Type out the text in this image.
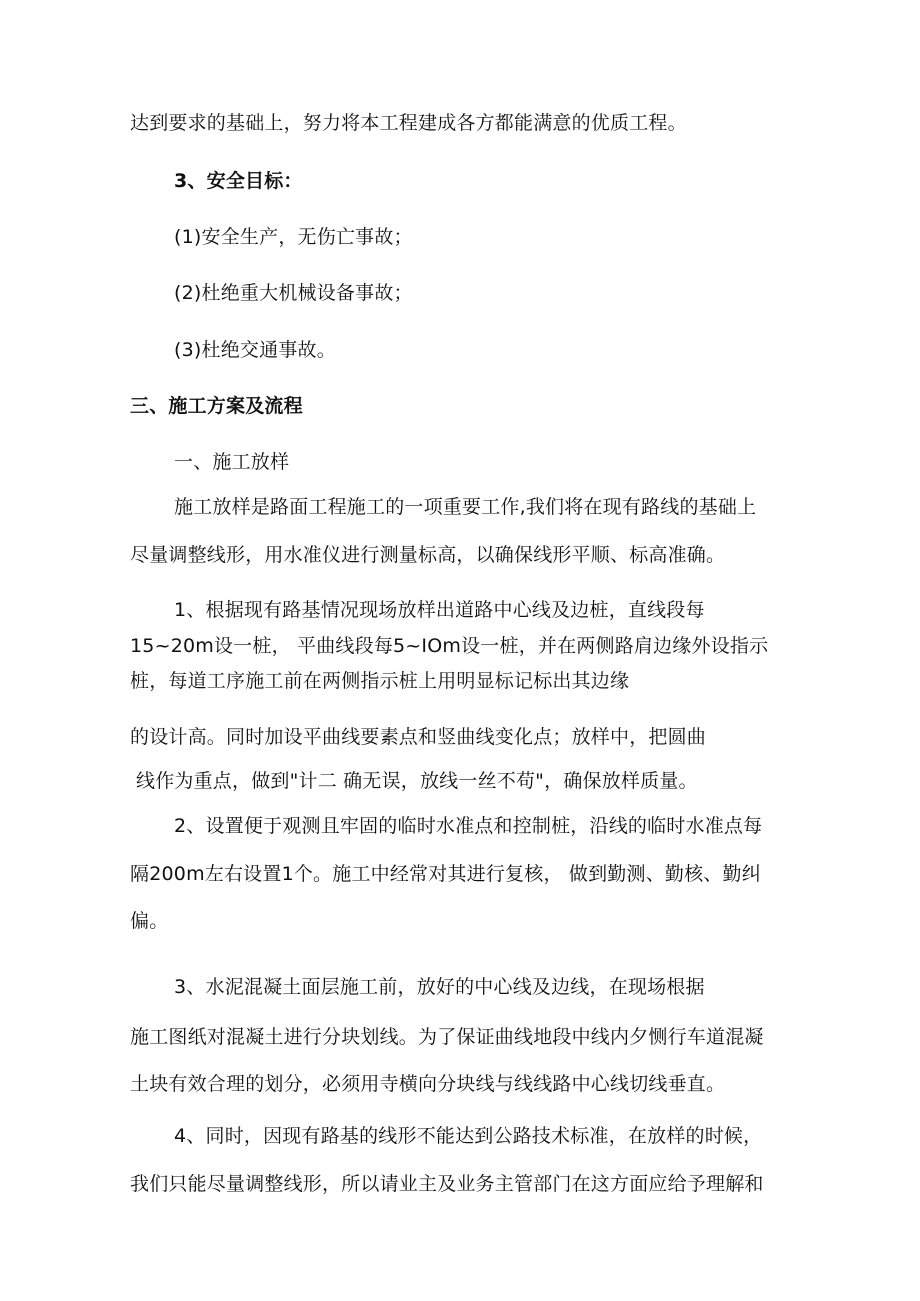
达到要求的基础上，努力将本工程建成各方都能满意的优质工程。
3、安全目标：
(1)安全生产，无伤亡事故；
(2)杜绝重大机械设备事故；
(3)杜绝交通事故。
三、施工方案及流程
一、施工放样
施工放样是路面工程施工的一项重要工作,我们将在现有路线的基础上
尽量调整线形，用水准仪进行测量标高，以确保线形平顺、标高准确。
1、根据现有路基情况现场放样出道路中心线及边桩，直线段每
15~20m设一桩， 平曲线段每5~IOm设一桩，并在两侧路肩边缘外设指示
桩，每道工序施工前在两侧指示桩上用明显标记标出其边缘
的设计高。同时加设平曲线要素点和竖曲线变化点；放样中，把圆曲
线作为重点，做到"计二 确无误，放线一丝不苟"，确保放样质量。
2、设置便于观测且牢固的临时水准点和控制桩，沿线的临时水准点每
隔200m左右设置1个。施工中经常对其进行复核， 做到勤测、勤核、勤纠
偏。
3、水泥混凝土面层施工前，放好的中心线及边线，在现场根据
施工图纸对混凝土进行分块划线。为了保证曲线地段中线内夕恻行车道混凝
土块有效合理的划分，必须用寺横向分块线与线线路中心线切线垂直。
4、同时，因现有路基的线形不能达到公路技术标准，在放样的时候，
我们只能尽量调整线形，所以请业主及业务主管部门在这方面应给予理解和
